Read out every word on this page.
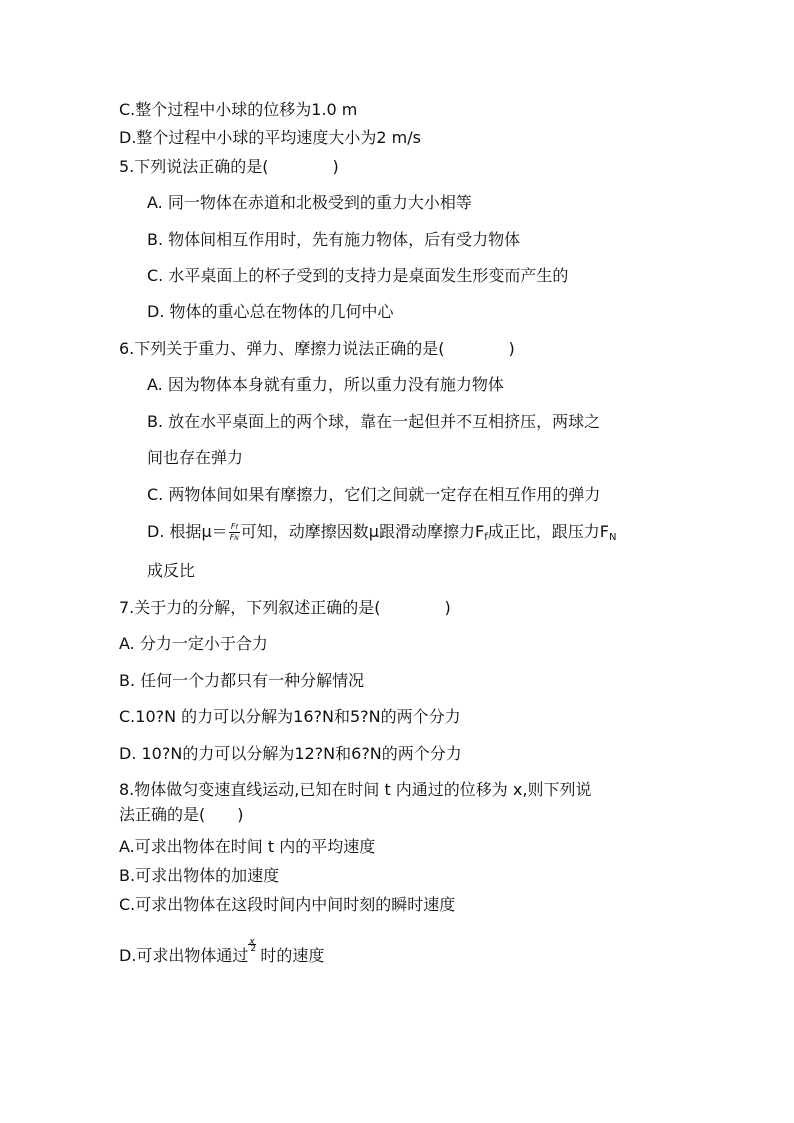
C.整个过程中小球的位移为1.0 m
D.整个过程中小球的平均速度大小为2 m/s
5.下列说法正确的是(　　　　)
A. 同一物体在赤道和北极受到的重力大小相等
B. 物体间相互作用时，先有施力物体，后有受力物体
C. 水平桌面上的杯子受到的支持力是桌面发生形变而产生的
D. 物体的重心总在物体的几何中心
6.下列关于重力、弹力、摩擦力说法正确的是(　　　　)
A. 因为物体本身就有重力，所以重力没有施力物体
B. 放在水平桌面上的两个球，靠在一起但并不互相挤压，两球之
间也存在弹力
C. 两物体间如果有摩擦力，它们之间就一定存在相互作用的弹力
D. 根据$\mu= \frac{Ff}{FN}$ 可知，动摩擦因数μ跟滑动摩擦力$F_f$成正比，跟压力$F_N$
成反比
7.关于力的分解，下列叙述正确的是(　　　　)
A. 分力一定小于合力
B. 任何一个力都只有一种分解情况
C.10?N 的力可以分解为16?N和5?N的两个分力
D. 10?N的力可以分解为12?N和6?N的两个分力
8.物体做匀变速直线运动,已知在时间 t 内通过的位移为 x,则下列说
法正确的是(　　)
A.可求出物体在时间 t 内的平均速度
B.可求出物体的加速度
C.可求出物体在这段时间内中间时刻的瞬时速度
D.可求出物体通过
x
2 时的速度
